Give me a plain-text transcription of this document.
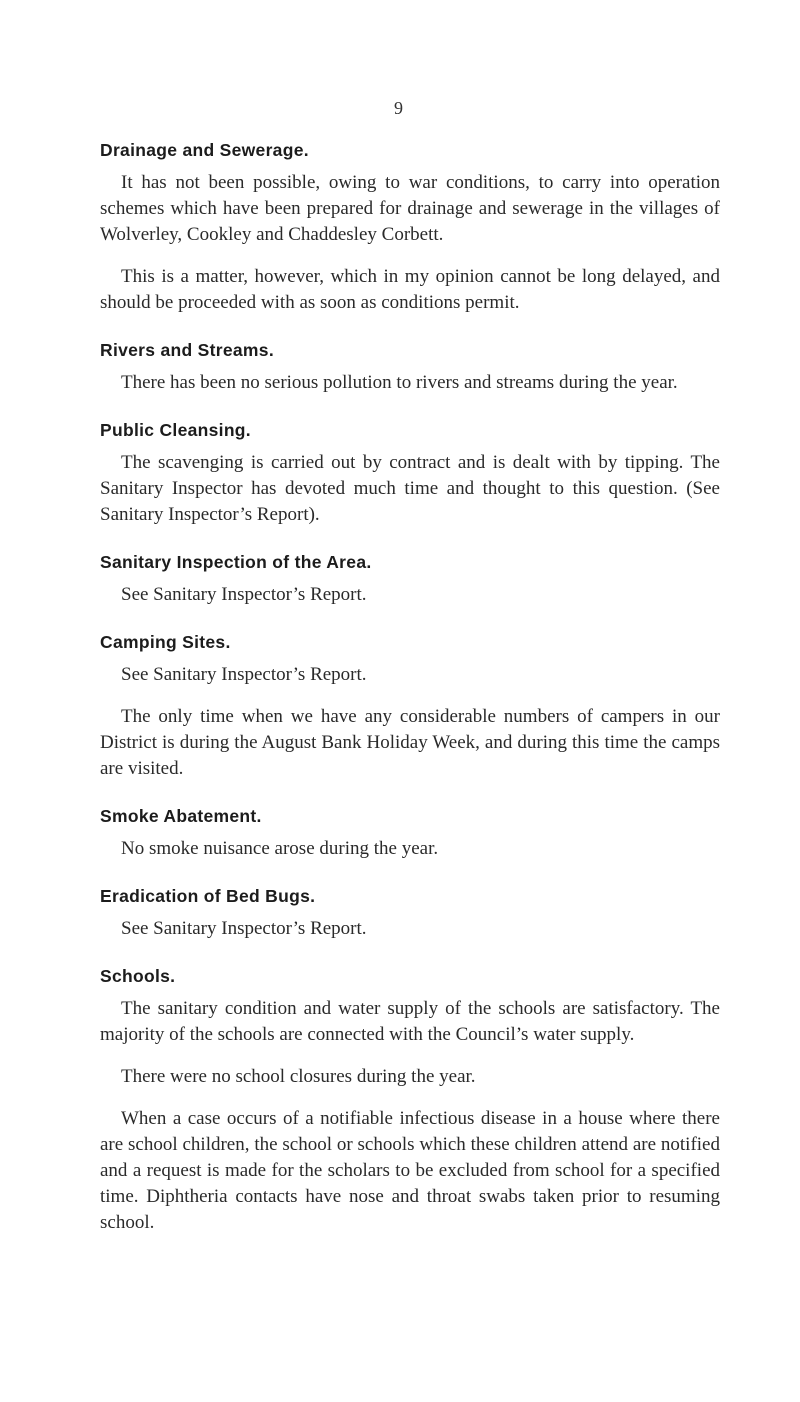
9
Drainage and Sewerage.

It has not been possible, owing to war conditions, to carry into operation schemes which have been prepared for drainage and sewerage in the villages of Wolverley, Cookley and Chaddesley Corbett.

This is a matter, however, which in my opinion cannot be long delayed, and should be proceeded with as soon as conditions permit.

Rivers and Streams.

There has been no serious pollution to rivers and streams during the year.

Public Cleansing.

The scavenging is carried out by contract and is dealt with by tipping. The Sanitary Inspector has devoted much time and thought to this question. (See Sanitary Inspector’s Report).

Sanitary Inspection of the Area.

See Sanitary Inspector’s Report.

Camping Sites.

See Sanitary Inspector’s Report.

The only time when we have any considerable numbers of campers in our District is during the August Bank Holiday Week, and during this time the camps are visited.

Smoke Abatement.

No smoke nuisance arose during the year.

Eradication of Bed Bugs.

See Sanitary Inspector’s Report.

Schools.

The sanitary condition and water supply of the schools are satisfactory. The majority of the schools are connected with the Council’s water supply.

There were no school closures during the year.

When a case occurs of a notifiable infectious disease in a house where there are school children, the school or schools which these children attend are notified and a request is made for the scholars to be excluded from school for a specified time. Diphtheria contacts have nose and throat swabs taken prior to resuming school.
